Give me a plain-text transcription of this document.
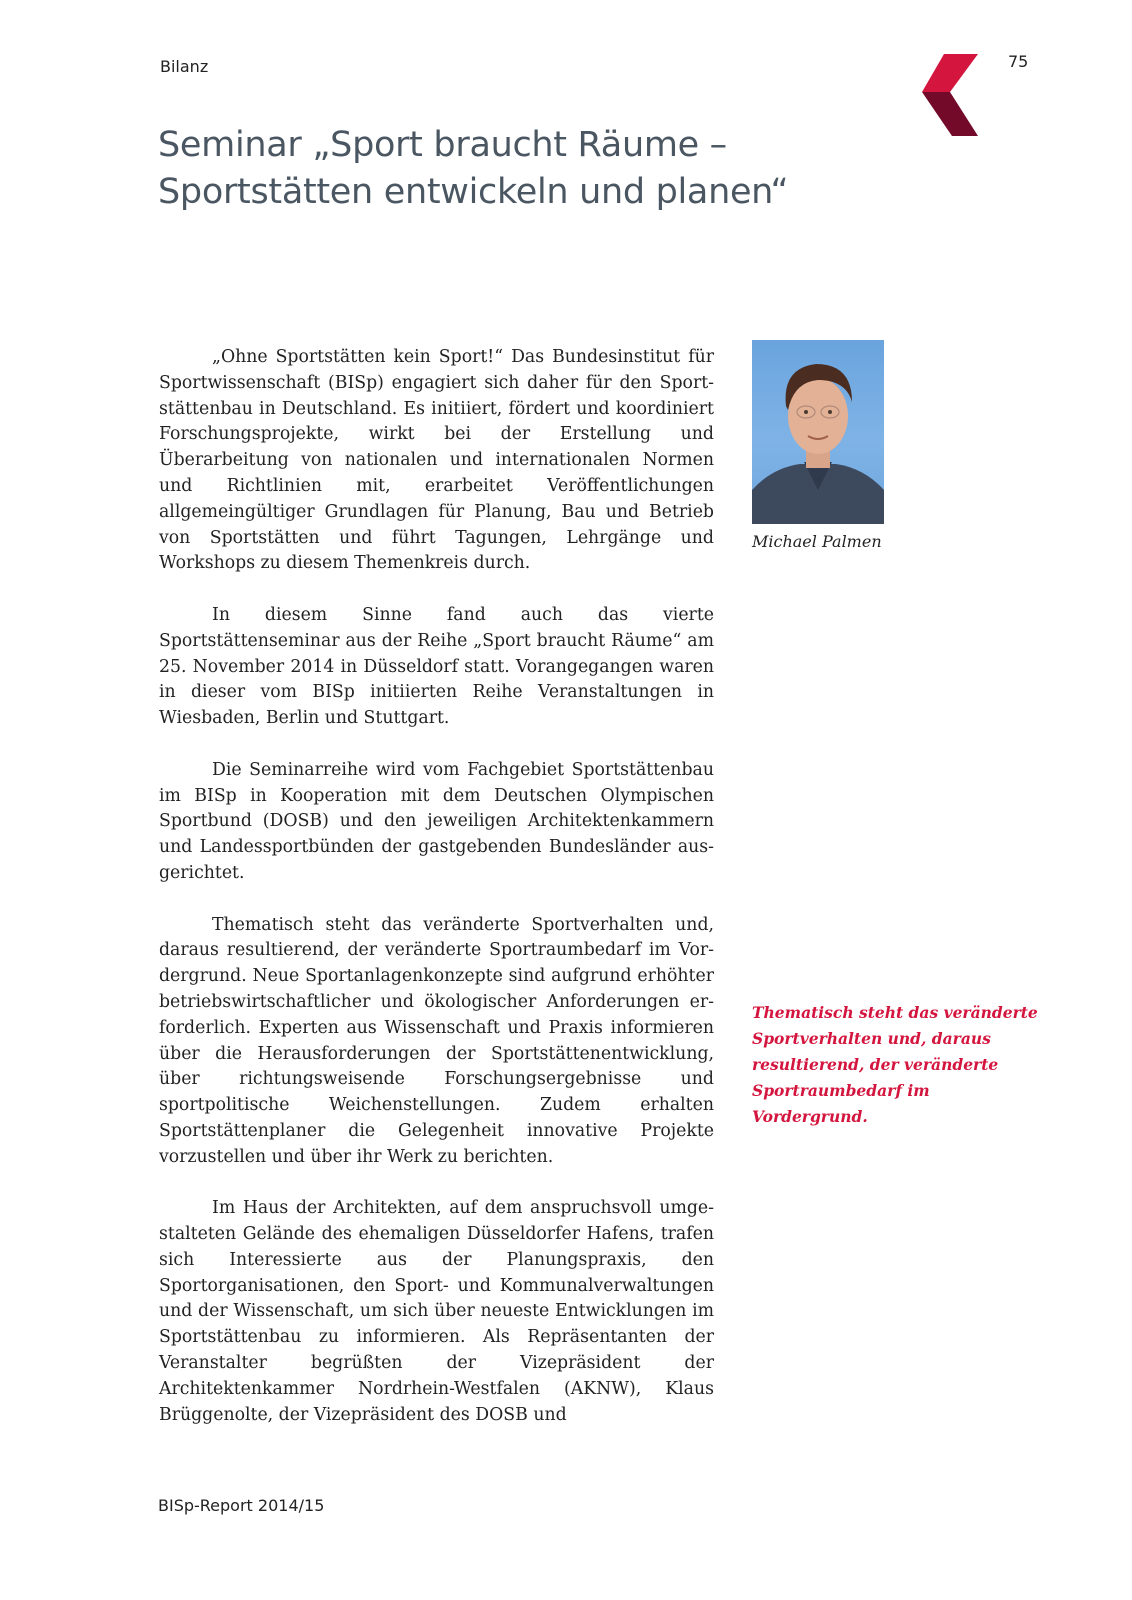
Bilanz	75
Seminar „Sport braucht Räume –
Sportstätten entwickeln und planen“

„Ohne Sportstätten kein Sport!“ Das Bundesinstitut für Sportwissenschaft (BISp) engagiert sich daher für den Sportstättenbau in Deutschland. Es initiiert, fördert und koordiniert Forschungsprojekte, wirkt bei der Erstellung und Überarbeitung von nationalen und internationalen Normen und Richtlinien mit, erarbeitet Veröffentlichungen allgemeingültiger Grundlagen für Planung, Bau und Betrieb von Sportstätten und führt Tagungen, Lehrgänge und Workshops zu diesem Themenkreis durch.

In diesem Sinne fand auch das vierte Sportstättenseminar aus der Reihe „Sport braucht Räume“ am 25. November 2014 in Düsseldorf statt. Vorangegangen waren in dieser vom BISp initiierten Reihe Veranstaltungen in Wiesbaden, Berlin und Stuttgart.

Die Seminarreihe wird vom Fachgebiet Sportstättenbau im BISp in Kooperation mit dem Deutschen Olympischen Sportbund (DOSB) und den jeweiligen Architektenkammern und Landessportbünden der gastgebenden Bundesländer ausgerichtet.

Thematisch steht das veränderte Sportverhalten und, daraus resultierend, der veränderte Sportraumbedarf im Vordergrund. Neue Sportanlagenkonzepte sind aufgrund erhöhter betriebswirtschaftlicher und ökologischer Anforderungen erforderlich. Experten aus Wissenschaft und Praxis informieren über die Herausforderungen der Sportstättenentwicklung, über richtungsweisende Forschungsergebnisse und sportpolitische Weichenstellungen. Zudem erhalten Sportstättenplaner die Gelegenheit innovative Projekte vorzustellen und über ihr Werk zu berichten.

Im Haus der Architekten, auf dem anspruchsvoll umgestalteten Gelände des ehemaligen Düsseldorfer Hafens, trafen sich Interessierte aus der Planungspraxis, den Sportorganisationen, den Sport- und Kommunalverwaltungen und der Wissenschaft, um sich über neueste Entwicklungen im Sportstättenbau zu informieren. Als Repräsentanten der Veranstalter begrüßten der Vizepräsident der Architektenkammer Nordrhein-Westfalen (AKNW), Klaus Brüggenolte, der Vizepräsident des DOSB und

Michael Palmen
Thematisch steht das veränderte Sportverhalten und, daraus resultierend, der veränderte Sportraumbedarf im Vordergrund.
BISp-Report 2014/15
